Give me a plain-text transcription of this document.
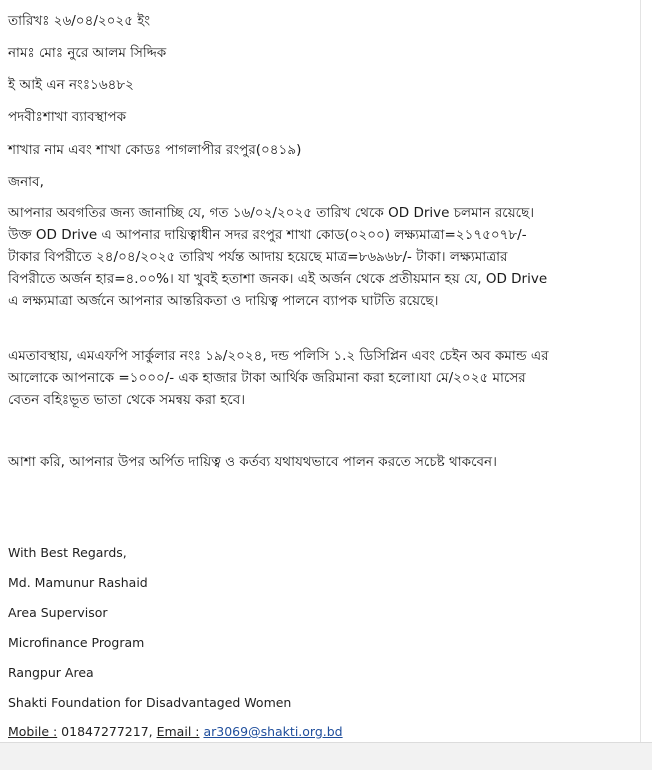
তারিখঃ ২৬/০৪/২০২৫ ইং
নামঃ মোঃ নুরে আলম সিদ্দিক
ই আই এন নংঃ১৬৪৮২
পদবীঃশাখা ব্যাবস্থাপক
শাখার নাম এবং শাখা কোডঃ পাগলাপীর রংপুর(০৪১৯)
জনাব,
আপনার অবগতির জন্য জানাচ্ছি যে, গত ১৬/০২/২০২৫ তারিখ থেকে OD Drive চলমান রয়েছে। উক্ত OD Drive এ আপনার দায়িত্বাধীন সদর রংপুর শাখা কোড(০২০০) লক্ষ্যমাত্রা=২১৭৫০৭৮/-টাকার বিপরীতে ২৪/০৪/২০২৫ তারিখ পর্যন্ত আদায় হয়েছে মাত্র=৮৬৯৬৮/- টাকা। লক্ষ্যমাত্রার বিপরীতে অর্জন হার=৪.০০%। যা খুবই হতাশা জনক। এই অর্জন থেকে প্রতীয়মান হয় যে, OD Drive এ লক্ষ্যমাত্রা অর্জনে আপনার আন্তরিকতা ও দায়িত্ব পালনে ব্যাপক ঘাটতি রয়েছে।
এমতাবস্থায়, এমএফপি সার্কুলার নংঃ ১৯/২০২৪, দন্ড পলিসি ১.২ ডিসিপ্লিন এবং চেইন অব কমান্ড এর আলোকে আপনাকে =১০০০/- এক হাজার টাকা আর্থিক জরিমানা করা হলো।যা মে/২০২৫ মাসের বেতন বহিঃভূত ভাতা থেকে সমন্বয় করা হবে।
আশা করি, আপনার উপর অর্পিত দায়িত্ব ও কর্তব্য যথাযথভাবে পালন করতে সচেষ্ট থাকবেন।
With Best Regards,
Md. Mamunur Rashaid
Area Supervisor
Microfinance Program
Rangpur Area
Shakti Foundation for Disadvantaged Women
Mobile : 01847277217, Email : ar3069@shakti.org.bd
